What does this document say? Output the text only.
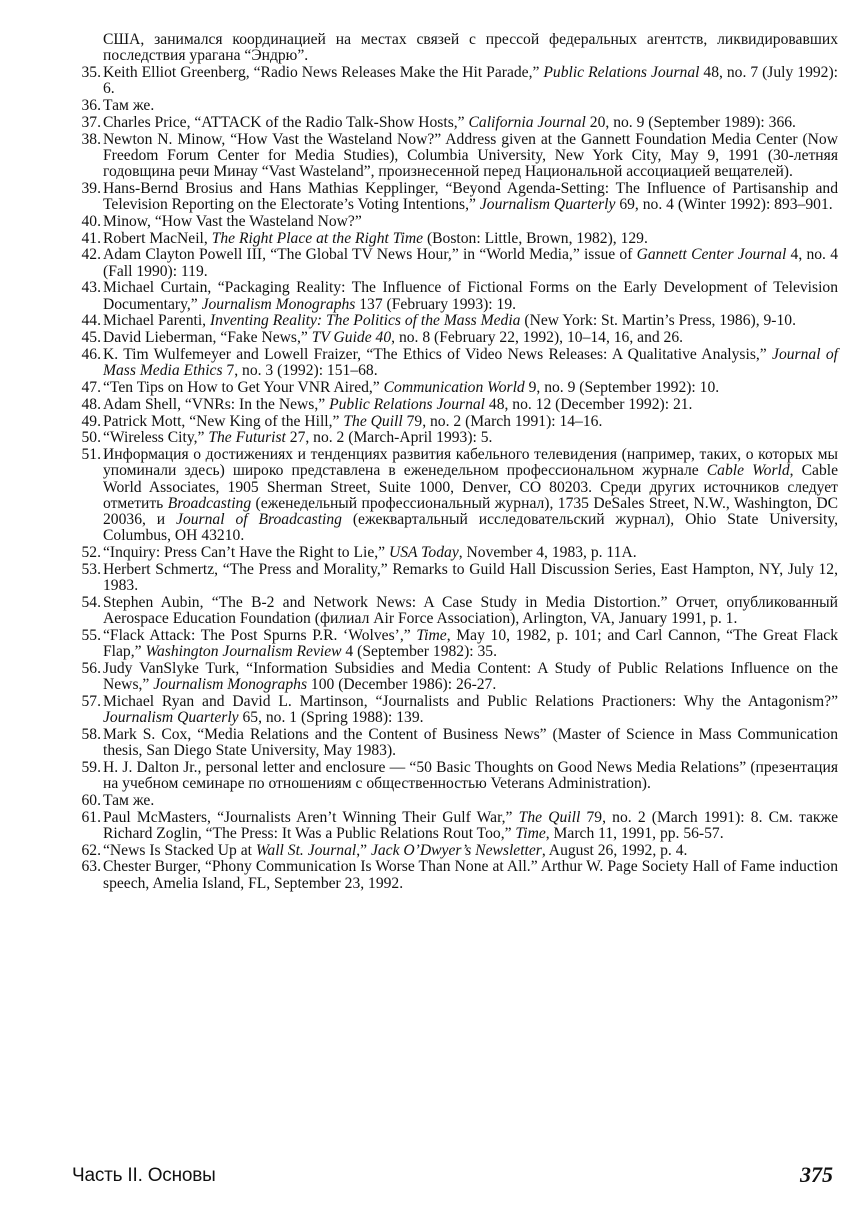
США, занимался координацией на местах связей с прессой федеральных агентств, ликвидировавших последствия урагана “Эндрю”.
35. Keith Elliot Greenberg, “Radio News Releases Make the Hit Parade,” Public Relations Journal 48, no. 7 (July 1992): 6.
36. Там же.
37. Charles Price, “ATTACK of the Radio Talk-Show Hosts,” California Journal 20, no. 9 (September 1989): 366.
38. Newton N. Minow, “How Vast the Wasteland Now?” Address given at the Gannett Foundation Media Center (Now Freedom Forum Center for Media Studies), Columbia University, New York City, May 9, 1991 (30-летняя годовщина речи Минау “Vast Wasteland”, произнесенной перед Национальной ассоциацией вещателей).
39. Hans-Bernd Brosius and Hans Mathias Kepplinger, “Beyond Agenda-Setting: The Influence of Partisanship and Television Reporting on the Electorate’s Voting Intentions,” Journalism Quarterly 69, no. 4 (Winter 1992): 893–901.
40. Minow, “How Vast the Wasteland Now?”
41. Robert MacNeil, The Right Place at the Right Time (Boston: Little, Brown, 1982), 129.
42. Adam Clayton Powell III, “The Global TV News Hour,” in “World Media,” issue of Gannett Center Journal 4, no. 4 (Fall 1990): 119.
43. Michael Curtain, “Packaging Reality: The Influence of Fictional Forms on the Early Development of Television Documentary,” Journalism Monographs 137 (February 1993): 19.
44. Michael Parenti, Inventing Reality: The Politics of the Mass Media (New York: St. Martin’s Press, 1986), 9-10.
45. David Lieberman, “Fake News,” TV Guide 40, no. 8 (February 22, 1992), 10–14, 16, and 26.
46. K. Tim Wulfemeyer and Lowell Fraizer, “The Ethics of Video News Releases: A Qualitative Analysis,” Journal of Mass Media Ethics 7, no. 3 (1992): 151–68.
47. “Ten Tips on How to Get Your VNR Aired,” Communication World 9, no. 9 (September 1992): 10.
48. Adam Shell, “VNRs: In the News,” Public Relations Journal 48, no. 12 (December 1992): 21.
49. Patrick Mott, “New King of the Hill,” The Quill 79, no. 2 (March 1991): 14–16.
50. “Wireless City,” The Futurist 27, no. 2 (March-April 1993): 5.
51. Информация о достижениях и тенденциях развития кабельного телевидения (например, таких, о которых мы упоминали здесь) широко представлена в еженедельном профессиональном журнале Cable World, Cable World Associates, 1905 Sherman Street, Suite 1000, Denver, CO 80203. Среди других источников следует отметить Broadcasting (еженедельный профессиональный журнал), 1735 DeSales Street, N.W., Washington, DC 20036, и Journal of Broadcasting (ежеквартальный исследовательский журнал), Ohio State University, Columbus, OH 43210.
52. “Inquiry: Press Can’t Have the Right to Lie,” USA Today, November 4, 1983, p. 11A.
53. Herbert Schmertz, “The Press and Morality,” Remarks to Guild Hall Discussion Series, East Hampton, NY, July 12, 1983.
54. Stephen Aubin, “The B-2 and Network News: A Case Study in Media Distortion.” Отчет, опубликованный Aerospace Education Foundation (филиал Air Force Association), Arlington, VA, January 1991, p. 1.
55. “Flack Attack: The Post Spurns P.R. ‘Wolves’,” Time, May 10, 1982, p. 101; and Carl Cannon, “The Great Flack Flap,” Washington Journalism Review 4 (September 1982): 35.
56. Judy VanSlyke Turk, “Information Subsidies and Media Content: A Study of Public Relations Influence on the News,” Journalism Monographs 100 (December 1986): 26-27.
57. Michael Ryan and David L. Martinson, “Journalists and Public Relations Practioners: Why the Antagonism?” Journalism Quarterly 65, no. 1 (Spring 1988): 139.
58. Mark S. Cox, “Media Relations and the Content of Business News” (Master of Science in Mass Communication thesis, San Diego State University, May 1983).
59. H. J. Dalton Jr., personal letter and enclosure — “50 Basic Thoughts on Good News Media Relations” (презентация на учебном семинаре по отношениям с общественностью Veterans Administration).
60. Там же.
61. Paul McMasters, “Journalists Aren’t Winning Their Gulf War,” The Quill 79, no. 2 (March 1991): 8. См. также Richard Zoglin, “The Press: It Was a Public Relations Rout Too,” Time, March 11, 1991, pp. 56-57.
62. “News Is Stacked Up at Wall St. Journal,” Jack O’Dwyer’s Newsletter, August 26, 1992, p. 4.
63. Chester Burger, “Phony Communication Is Worse Than None at All.” Arthur W. Page Society Hall of Fame induction speech, Amelia Island, FL, September 23, 1992.
Часть II. Основы	375
